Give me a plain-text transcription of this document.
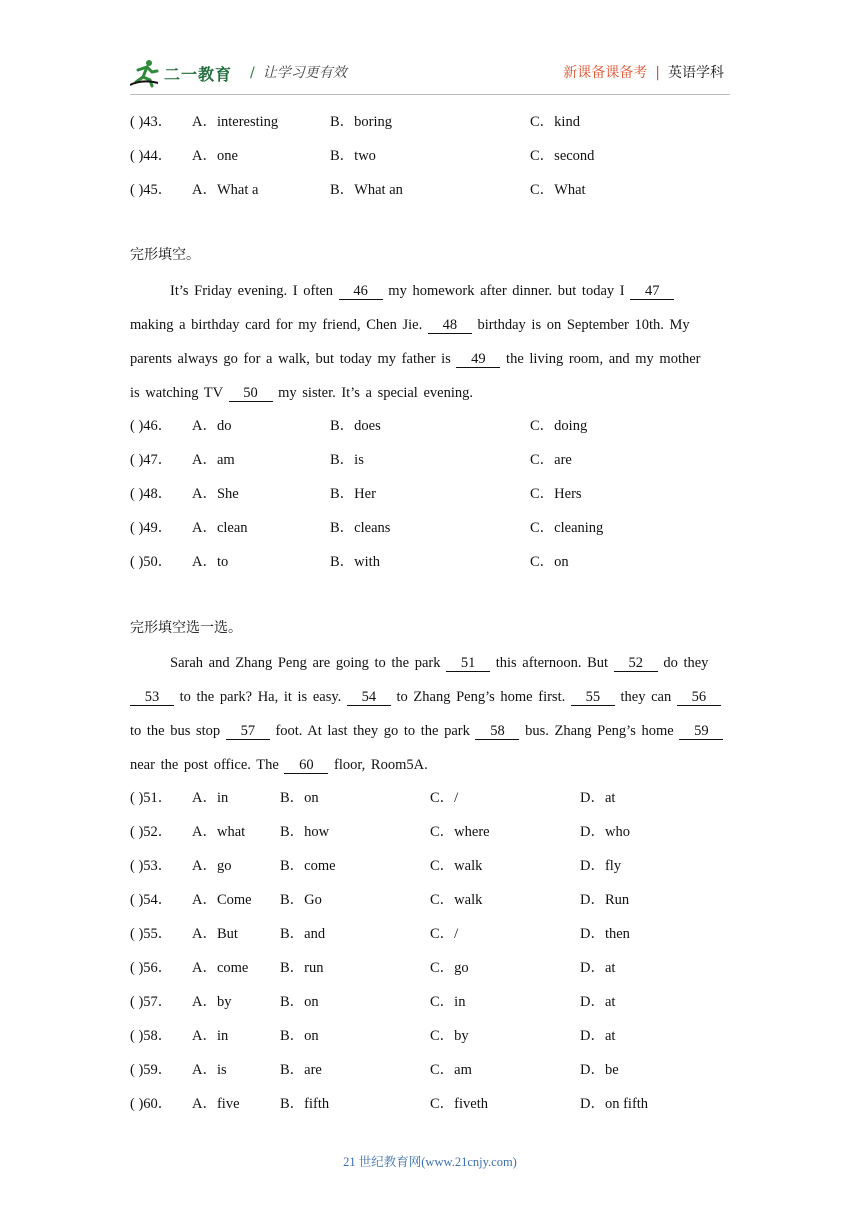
二一教育 / 让学习更有效	新课备课备考 | 英语学科
( )43． A．interesting	B．boring	C．kind
( )44． A．one	B．two	C．second
( )45． A．What a	B．What an	C．What
完形填空。
It’s Friday evening. I often 46 my homework after dinner. but today I 47
making a birthday card for my friend, Chen Jie. 48 birthday is on September 10th. My
parents always go for a walk, but today my father is 49 the living room, and my mother
is watching TV 50 my sister. It’s a special evening.
( )46． A．do	B．does	C．doing
( )47． A．am	B．is	C．are
( )48． A．She	B．Her	C．Hers
( )49． A．clean	B．cleans	C．cleaning
( )50． A．to	B．with	C．on
完形填空选一选。
Sarah and Zhang Peng are going to the park 51 this afternoon. But 52 do they
53 to the park? Ha, it is easy. 54 to Zhang Peng’s home first. 55 they can 56
to the bus stop 57 foot. At last they go to the park 58 bus. Zhang Peng’s home 59
near the post office. The 60 floor, Room5A.
( )51． A．in	B．on	C．/	D．at
( )52． A．what B．how	C．where	D．who
( )53． A．go	B．come	C．walk	D．fly
( )54． A．Come B．Go	C．walk	D．Run
( )55． A．But	B．and	C．/	D．then
( )56． A．come B．run	C．go	D．at
( )57． A．by	B．on	C．in	D．at
( )58． A．in	B．on	C．by	D．at
( )59． A．is	B．are	C．am	D．be
( )60． A．five	B．fifth	C．fiveth	D．on fifth
21 世纪教育网(www.21cnjy.com)
